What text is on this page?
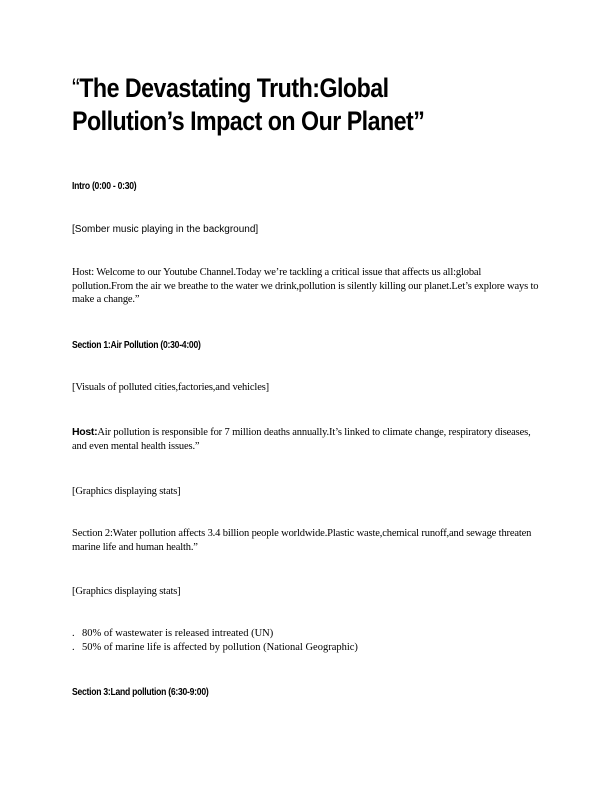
“The Devastating Truth:Global Pollution’s Impact on Our Planet”

Intro (0:00 - 0:30)

[Somber music playing in the background]

Host: Welcome to our Youtube Channel.Today we’re tackling a critical issue that affects us all:global pollution.From the air we breathe to the water we drink,pollution is silently killing our planet.Let’s explore ways to make a change.”

Section 1:Air Pollution (0:30-4:00)

[Visuals of polluted cities,factories,and vehicles]

Host:Air pollution is responsible for 7 million deaths annually.It’s linked to climate change, respiratory diseases, and even mental health issues.”

[Graphics displaying stats]

Section 2:Water pollution affects 3.4 billion people worldwide.Plastic waste,chemical runoff,and sewage threaten marine life and human health.”

[Graphics displaying stats]

. 80% of wastewater is released intreated (UN)
. 50% of marine life is affected by pollution (National Geographic)

Section 3:Land pollution (6:30-9:00)
